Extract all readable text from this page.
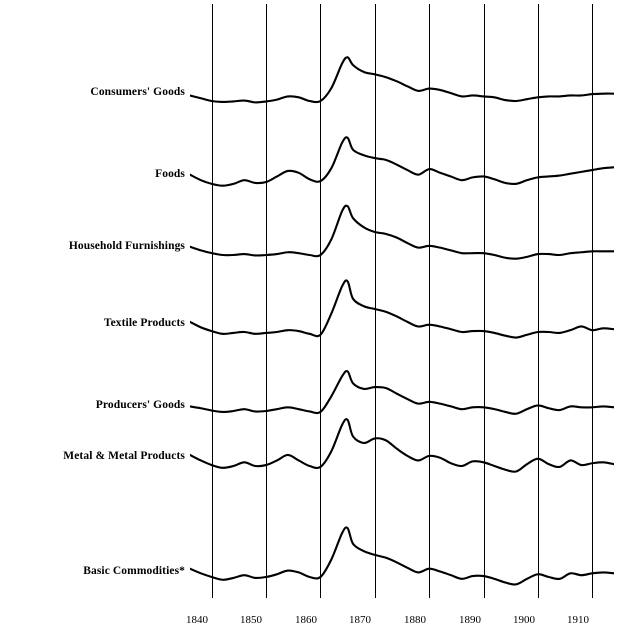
Consumers' Goods
Foods
Household Furnishings
Textile Products
Producers' Goods
Metal & Metal Products
Basic Commodities*
1840	1850	1860	1870	1880	1890	1900	1910
